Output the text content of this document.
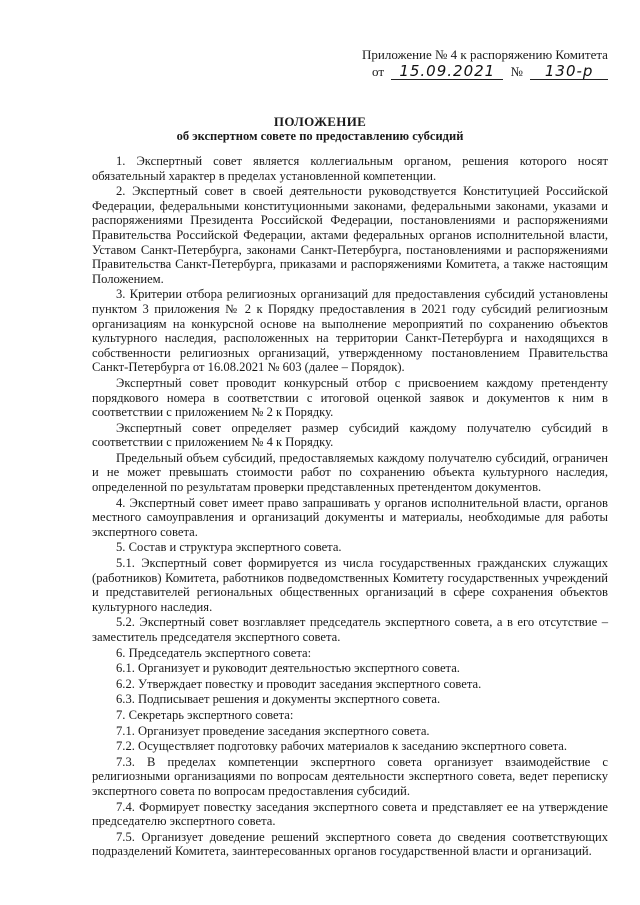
Приложение № 4 к распоряжению Комитета
от 15.09.2021 № 130-р
ПОЛОЖЕНИЕ
об экспертном совете по предоставлению субсидий

1. Экспертный совет является коллегиальным органом, решения которого носят обязательный характер в пределах установленной компетенции.

2. Экспертный совет в своей деятельности руководствуется Конституцией Российской Федерации, федеральными конституционными законами, федеральными законами, указами и распоряжениями Президента Российской Федерации, постановлениями и распоряжениями Правительства Российской Федерации, актами федеральных органов исполнительной власти, Уставом Санкт-Петербурга, законами Санкт-Петербурга, постановлениями и распоряжениями Правительства Санкт-Петербурга, приказами и распоряжениями Комитета, а также настоящим Положением.

3. Критерии отбора религиозных организаций для предоставления субсидий установлены пунктом 3 приложения № 2 к Порядку предоставления в 2021 году субсидий религиозным организациям на конкурсной основе на выполнение мероприятий по сохранению объектов культурного наследия, расположенных на территории Санкт-Петербурга и находящихся в собственности религиозных организаций, утвержденному постановлением Правительства Санкт-Петербурга от 16.08.2021 № 603 (далее – Порядок).

Экспертный совет проводит конкурсный отбор с присвоением каждому претенденту порядкового номера в соответствии с итоговой оценкой заявок и документов к ним в соответствии с приложением № 2 к Порядку.

Экспертный совет определяет размер субсидий каждому получателю субсидий в соответствии с приложением № 4 к Порядку.

Предельный объем субсидий, предоставляемых каждому получателю субсидий, ограничен и не может превышать стоимости работ по сохранению объекта культурного наследия, определенной по результатам проверки представленных претендентом документов.

4. Экспертный совет имеет право запрашивать у органов исполнительной власти, органов местного самоуправления и организаций документы и материалы, необходимые для работы экспертного совета.

5. Состав и структура экспертного совета.

5.1. Экспертный совет формируется из числа государственных гражданских служащих (работников) Комитета, работников подведомственных Комитету государственных учреждений и представителей региональных общественных организаций в сфере сохранения объектов культурного наследия.

5.2. Экспертный совет возглавляет председатель экспертного совета, а в его отсутствие – заместитель председателя экспертного совета.

6. Председатель экспертного совета:

6.1. Организует и руководит деятельностью экспертного совета.

6.2. Утверждает повестку и проводит заседания экспертного совета.

6.3. Подписывает решения и документы экспертного совета.

7. Секретарь экспертного совета:

7.1. Организует проведение заседания экспертного совета.

7.2. Осуществляет подготовку рабочих материалов к заседанию экспертного совета.

7.3. В пределах компетенции экспертного совета организует взаимодействие с религиозными организациями по вопросам деятельности экспертного совета, ведет переписку экспертного совета по вопросам предоставления субсидий.

7.4. Формирует повестку заседания экспертного совета и представляет ее на утверждение председателю экспертного совета.

7.5. Организует доведение решений экспертного совета до сведения соответствующих подразделений Комитета, заинтересованных органов государственной власти и организаций.
